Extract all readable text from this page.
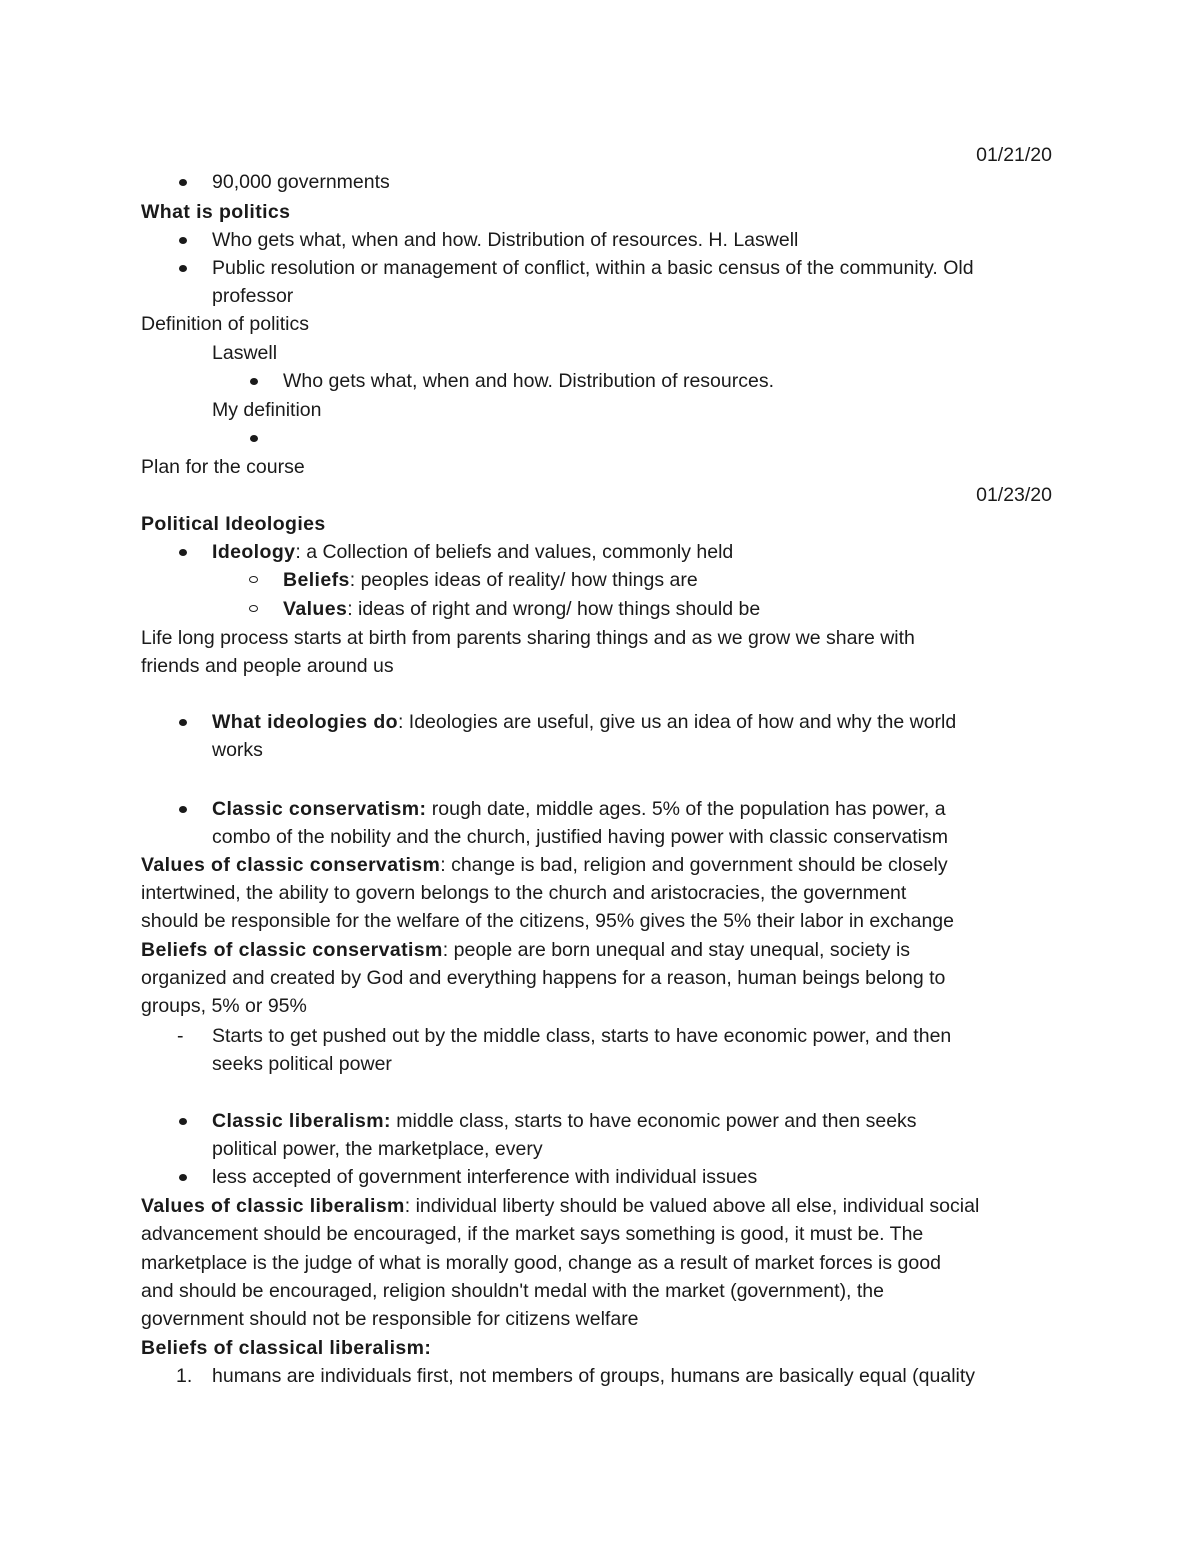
01/21/20
90,000 governments
What is politics
Who gets what, when and how. Distribution of resources. H. Laswell
Public resolution or management of conflict, within a basic census of the community. Old
professor
Definition of politics
Laswell
Who gets what, when and how. Distribution of resources.
My definition
Plan for the course
01/23/20
Political Ideologies
Ideology: a Collection of beliefs and values, commonly held
Beliefs: peoples ideas of reality/ how things are
Values: ideas of right and wrong/ how things should be
Life long process starts at birth from parents sharing things and as we grow we share with
friends and people around us
What ideologies do: Ideologies are useful, give us an idea of how and why the world
works
Classic conservatism: rough date, middle ages. 5% of the population has power, a
combo of the nobility and the church, justified having power with classic conservatism
Values of classic conservatism: change is bad, religion and government should be closely
intertwined, the ability to govern belongs to the church and aristocracies, the government
should be responsible for the welfare of the citizens, 95% gives the 5% their labor in exchange
Beliefs of classic conservatism: people are born unequal and stay unequal, society is
organized and created by God and everything happens for a reason, human beings belong to
groups, 5% or 95%
- Starts to get pushed out by the middle class, starts to have economic power, and then
seeks political power
Classic liberalism: middle class, starts to have economic power and then seeks
political power, the marketplace, every
less accepted of government interference with individual issues
Values of classic liberalism: individual liberty should be valued above all else, individual social
advancement should be encouraged, if the market says something is good, it must be. The
marketplace is the judge of what is morally good, change as a result of market forces is good
and should be encouraged, religion shouldn't medal with the market (government), the
government should not be responsible for citizens welfare
Beliefs of classical liberalism:
1. humans are individuals first, not members of groups, humans are basically equal (quality
